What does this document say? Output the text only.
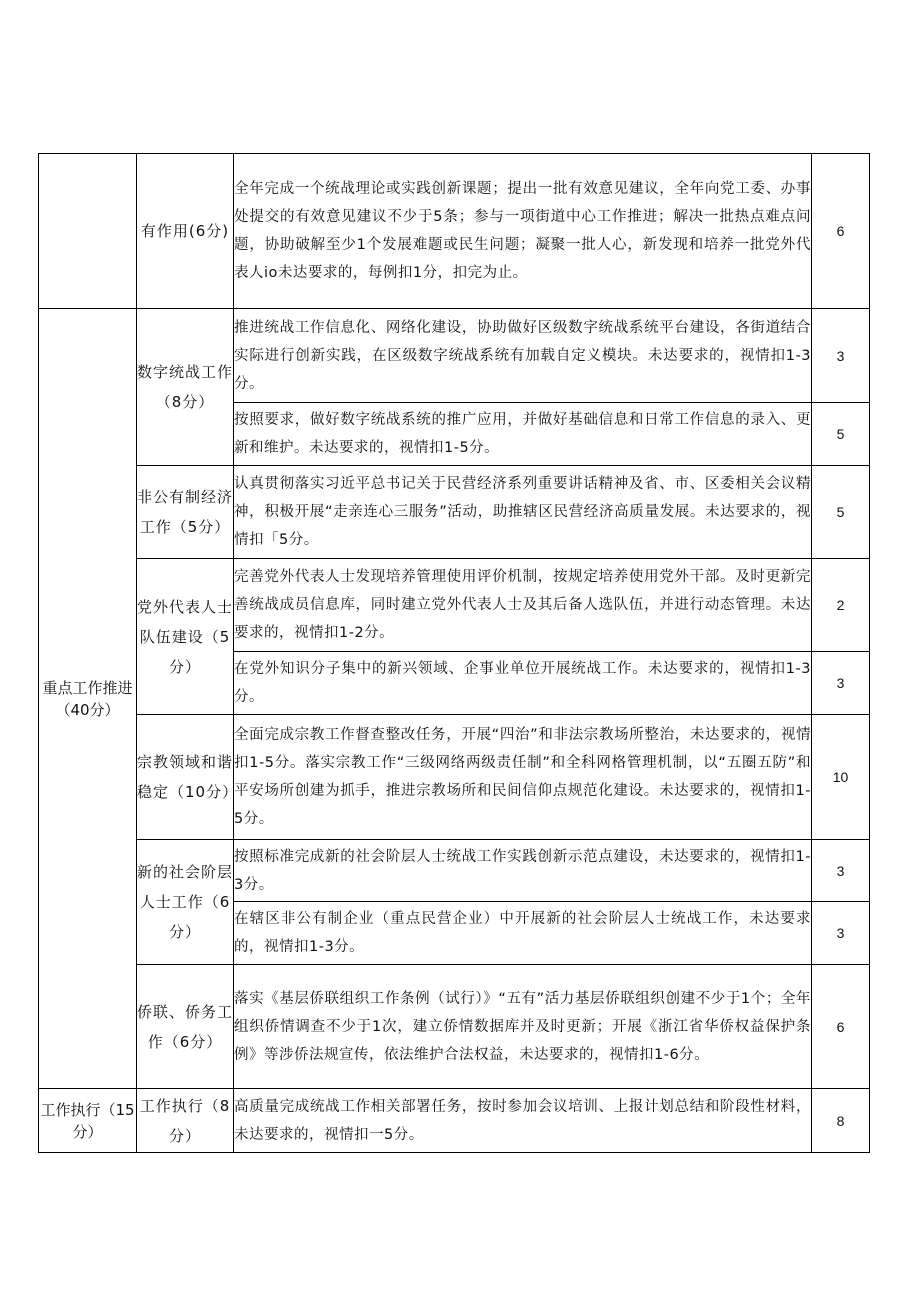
	有作用(6分)	全年完成一个统战理论或实践创新课题；提出一批有效意见建议，全年向党工委、办事处提交的有效意见建议不少于5条；参与一项街道中心工作推进；解决一批热点难点问题，协助破解至少1个发展难题或民生问题；凝聚一批人心，新发现和培养一批党外代表人io未达要求的，每例扣1分，扣完为止。	6
重点工作推进（40分）	数字统战工作（8分）	推进统战工作信息化、网络化建设，协助做好区级数字统战系统平台建设，各街道结合实际进行创新实践，在区级数字统战系统有加载自定义模块。未达要求的，视情扣1-3分。	3
		按照要求，做好数字统战系统的推广应用，并做好基础信息和日常工作信息的录入、更新和维护。未达要求的，视情扣1-5分。	5
	非公有制经济工作（5分）	认真贯彻落实习近平总书记关于民营经济系列重要讲话精神及省、市、区委相关会议精神，积极开展“走亲连心三服务”活动，助推辖区民营经济高质量发展。未达要求的，视情扣「5分。	5
	党外代表人士队伍建设（5分）	完善党外代表人士发现培养管理使用评价机制，按规定培养使用党外干部。及时更新完善统战成员信息库，同时建立党外代表人士及其后备人选队伍，并进行动态管理。未达要求的，视情扣1-2分。	2
		在党外知识分子集中的新兴领域、企事业单位开展统战工作。未达要求的，视情扣1-3分。	3
	宗教领域和谐稳定（10分）	全面完成宗教工作督查整改任务，开展“四治”和非法宗教场所整治，未达要求的，视情扣1-5分。落实宗教工作“三级网络两级责任制”和全科网格管理机制，以“五圈五防”和平安场所创建为抓手，推进宗教场所和民间信仰点规范化建设。未达要求的，视情扣1-5分。	10
	新的社会阶层人士工作（6分）	按照标准完成新的社会阶层人士统战工作实践创新示范点建设，未达要求的，视情扣1-3分。	3
		在辖区非公有制企业（重点民营企业）中开展新的社会阶层人士统战工作，未达要求的，视情扣1-3分。	3
	侨联、侨务工作（6分）	落实《基层侨联组织工作条例（试行）》“五有”活力基层侨联组织创建不少于1个；全年组织侨情调查不少于1次，建立侨情数据库并及时更新；开展《浙江省华侨权益保护条例》等涉侨法规宣传，依法维护合法权益，未达要求的，视情扣1-6分。	6
工作执行（15分）	工作执行（8分）	高质量完成统战工作相关部署任务，按时参加会议培训、上报计划总结和阶段性材料，未达要求的，视情扣一5分。	8
